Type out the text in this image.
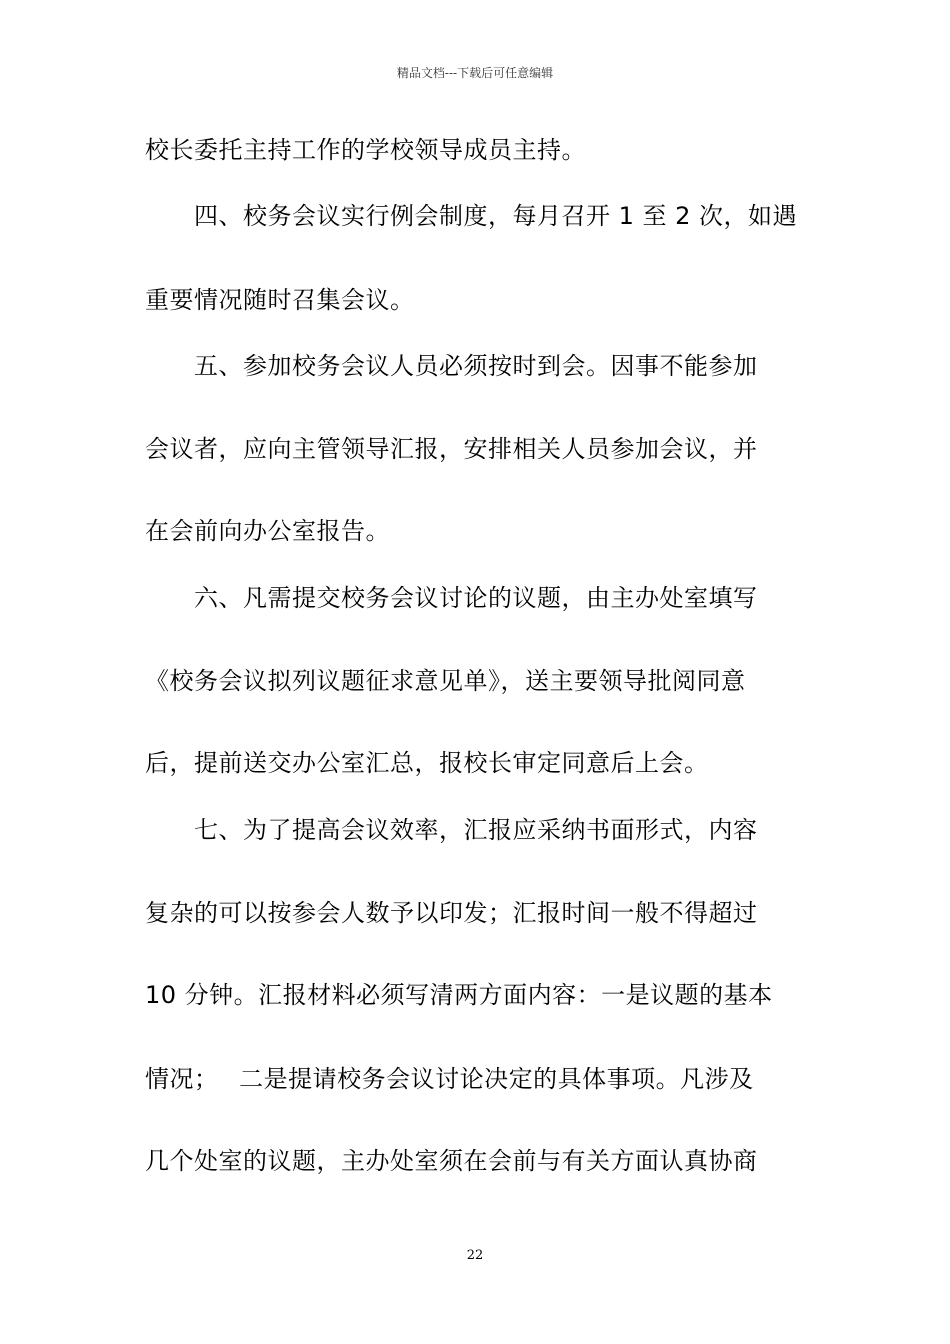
精品文档---下载后可任意编辑
校长委托主持工作的学校领导成员主持。
　　四、校务会议实行例会制度，每月召开 1 至 2 次，如遇
重要情况随时召集会议。
　　五、参加校务会议人员必须按时到会。因事不能参加
会议者，应向主管领导汇报，安排相关人员参加会议，并
在会前向办公室报告。
　　六、凡需提交校务会议讨论的议题，由主办处室填写
《校务会议拟列议题征求意见单》，送主要领导批阅同意
后，提前送交办公室汇总，报校长审定同意后上会。
　　七、为了提高会议效率，汇报应采纳书面形式，内容
复杂的可以按参会人数予以印发；汇报时间一般不得超过
10 分钟。汇报材料必须写清两方面内容：一是议题的基本
情况；　 二是提请校务会议讨论决定的具体事项。凡涉及
几个处室的议题，主办处室须在会前与有关方面认真协商
22
